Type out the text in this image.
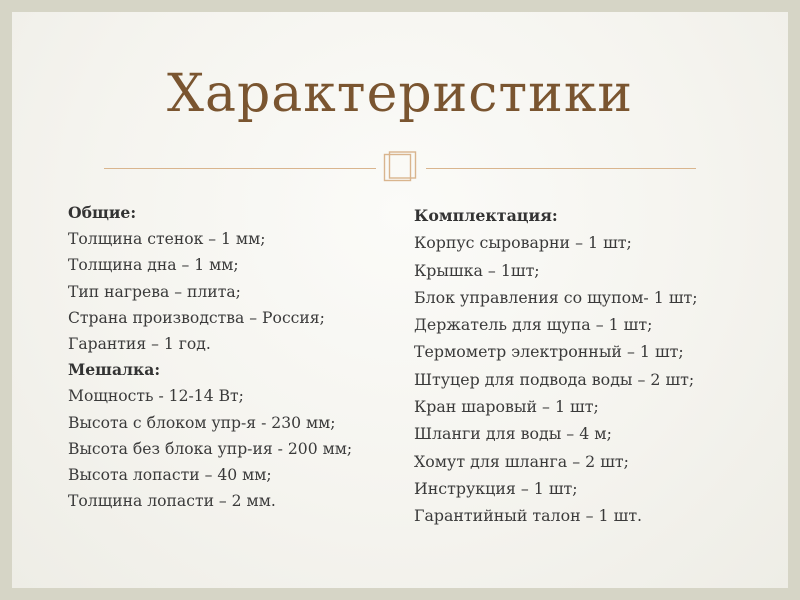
Характеристики
Общие:
Толщина стенок – 1 мм;
Толщина дна – 1 мм;
Тип нагрева – плита;
Страна производства – Россия;
Гарантия – 1 год.
Мешалка:
Мощность - 12-14 Вт;
Высота с блоком упр-я - 230 мм;
Высота без блока упр-ия - 200 мм;
Высота лопасти – 40 мм;
Толщина лопасти – 2 мм.
Комплектация:
Корпус сыроварни – 1 шт;
Крышка – 1шт;
Блок управления со щупом- 1 шт;
Держатель для щупа – 1 шт;
Термометр электронный – 1 шт;
Штуцер для подвода воды – 2 шт;
Кран шаровый – 1 шт;
Шланги для воды – 4 м;
Хомут для шланга – 2 шт;
Инструкция – 1 шт;
Гарантийный талон – 1 шт.
